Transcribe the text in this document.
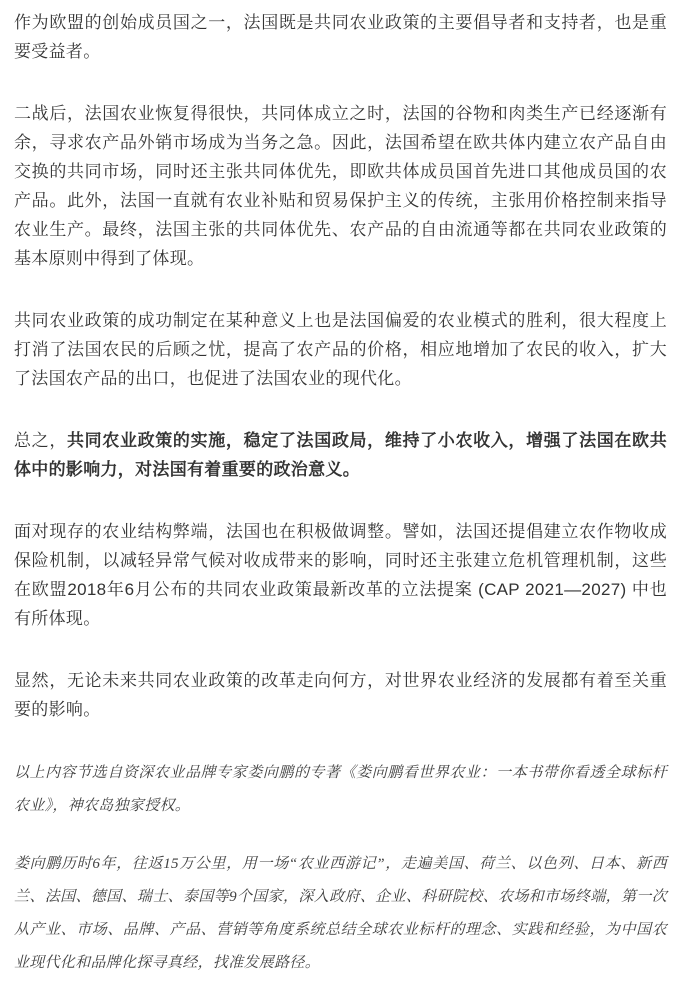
作为欧盟的创始成员国之一，法国既是共同农业政策的主要倡导者和支持者，也是重要受益者。

二战后，法国农业恢复得很快，共同体成立之时，法国的谷物和肉类生产已经逐渐有余，寻求农产品外销市场成为当务之急。因此，法国希望在欧共体内建立农产品自由交换的共同市场，同时还主张共同体优先，即欧共体成员国首先进口其他成员国的农产品。此外，法国一直就有农业补贴和贸易保护主义的传统，主张用价格控制来指导农业生产。最终，法国主张的共同体优先、农产品的自由流通等都在共同农业政策的基本原则中得到了体现。

共同农业政策的成功制定在某种意义上也是法国偏爱的农业模式的胜利，很大程度上打消了法国农民的后顾之忧，提高了农产品的价格，相应地增加了农民的收入，扩大了法国农产品的出口，也促进了法国农业的现代化。

总之，共同农业政策的实施，稳定了法国政局，维持了小农收入，增强了法国在欧共体中的影响力，对法国有着重要的政治意义。

面对现存的农业结构弊端，法国也在积极做调整。譬如，法国还提倡建立农作物收成保险机制，以减轻异常气候对收成带来的影响，同时还主张建立危机管理机制，这些在欧盟2018年6月公布的共同农业政策最新改革的立法提案 (CAP 2021—2027) 中也有所体现。

显然，无论未来共同农业政策的改革走向何方，对世界农业经济的发展都有着至关重要的影响。

以上内容节选自资深农业品牌专家娄向鹏的专著《娄向鹏看世界农业：一本书带你看透全球标杆农业》，神农岛独家授权。

娄向鹏历时6年，往返15万公里，用一场“农业西游记”，走遍美国、荷兰、以色列、日本、新西兰、法国、德国、瑞士、泰国等9个国家，深入政府、企业、科研院校、农场和市场终端，第一次从产业、市场、品牌、产品、营销等角度系统总结全球农业标杆的理念、实践和经验，为中国农业现代化和品牌化探寻真经，找准发展路径。
